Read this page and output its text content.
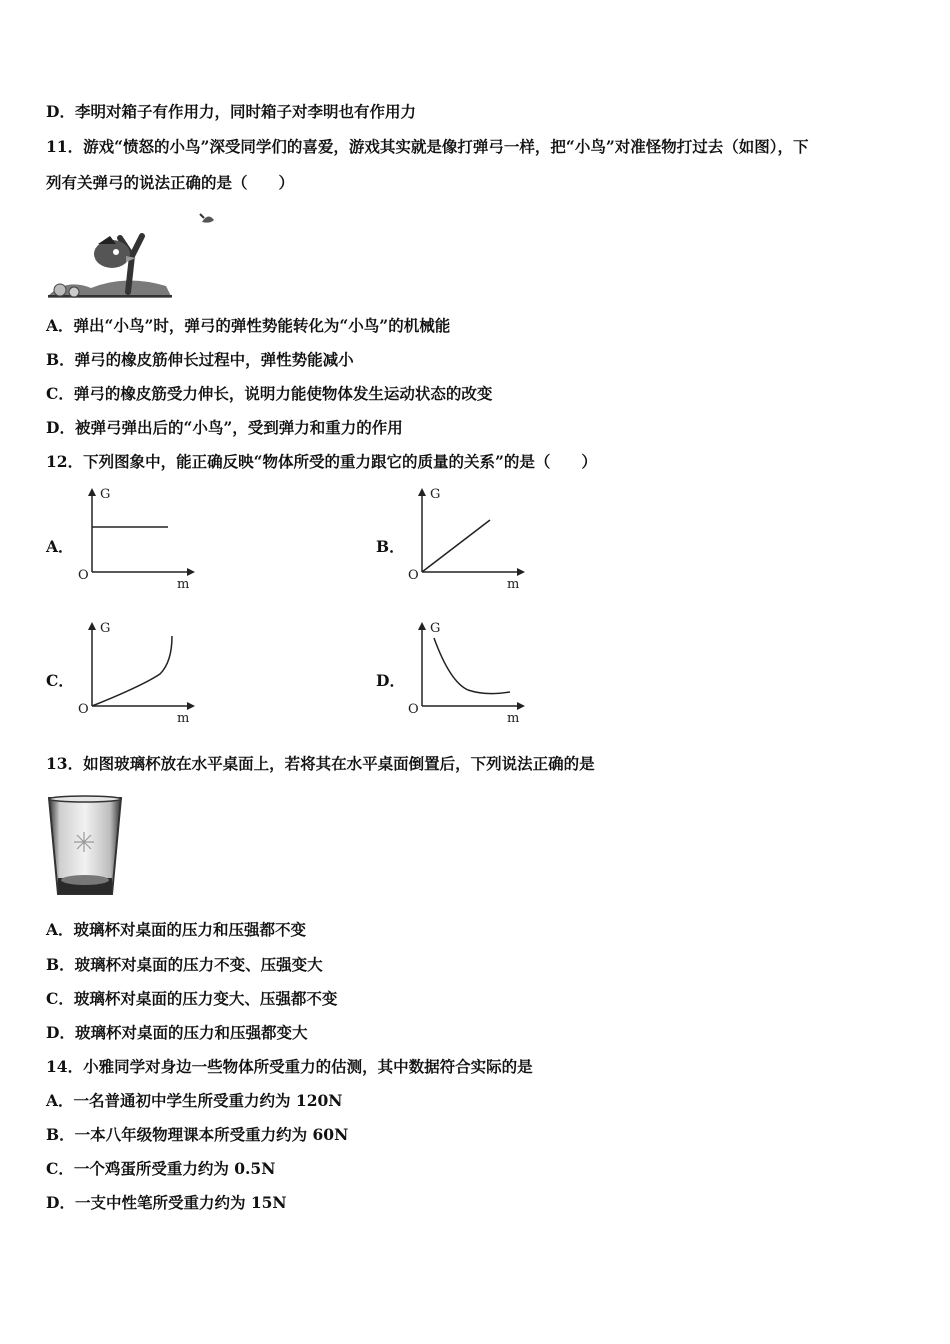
D．李明对箱子有作用力，同时箱子对李明也有作用力
11．游戏“愤怒的小鸟”深受同学们的喜爱，游戏其实就是像打弹弓一样，把“小鸟”对准怪物打过去（如图），下
列有关弹弓的说法正确的是（　　）
A．弹出“小鸟”时，弹弓的弹性势能转化为“小鸟”的机械能
B．弹弓的橡皮筋伸长过程中，弹性势能减小
C．弹弓的橡皮筋受力伸长，说明力能使物体发生运动状态的改变
D．被弹弓弹出后的“小鸟”，受到弹力和重力的作用
12．下列图象中，能正确反映“物体所受的重力跟它的质量的关系”的是（　　）
A．
G
O
m
B．
G
O
m
C．
G
O
m
D．
G
O
m
13．如图玻璃杯放在水平桌面上，若将其在水平桌面倒置后，下列说法正确的是
A．玻璃杯对桌面的压力和压强都不变
B．玻璃杯对桌面的压力不变、压强变大
C．玻璃杯对桌面的压力变大、压强都不变
D．玻璃杯对桌面的压力和压强都变大
14．小雅同学对身边一些物体所受重力的估测，其中数据符合实际的是
A．一名普通初中学生所受重力约为 120N
B．一本八年级物理课本所受重力约为 60N
C．一个鸡蛋所受重力约为 0.5N
D．一支中性笔所受重力约为 15N
